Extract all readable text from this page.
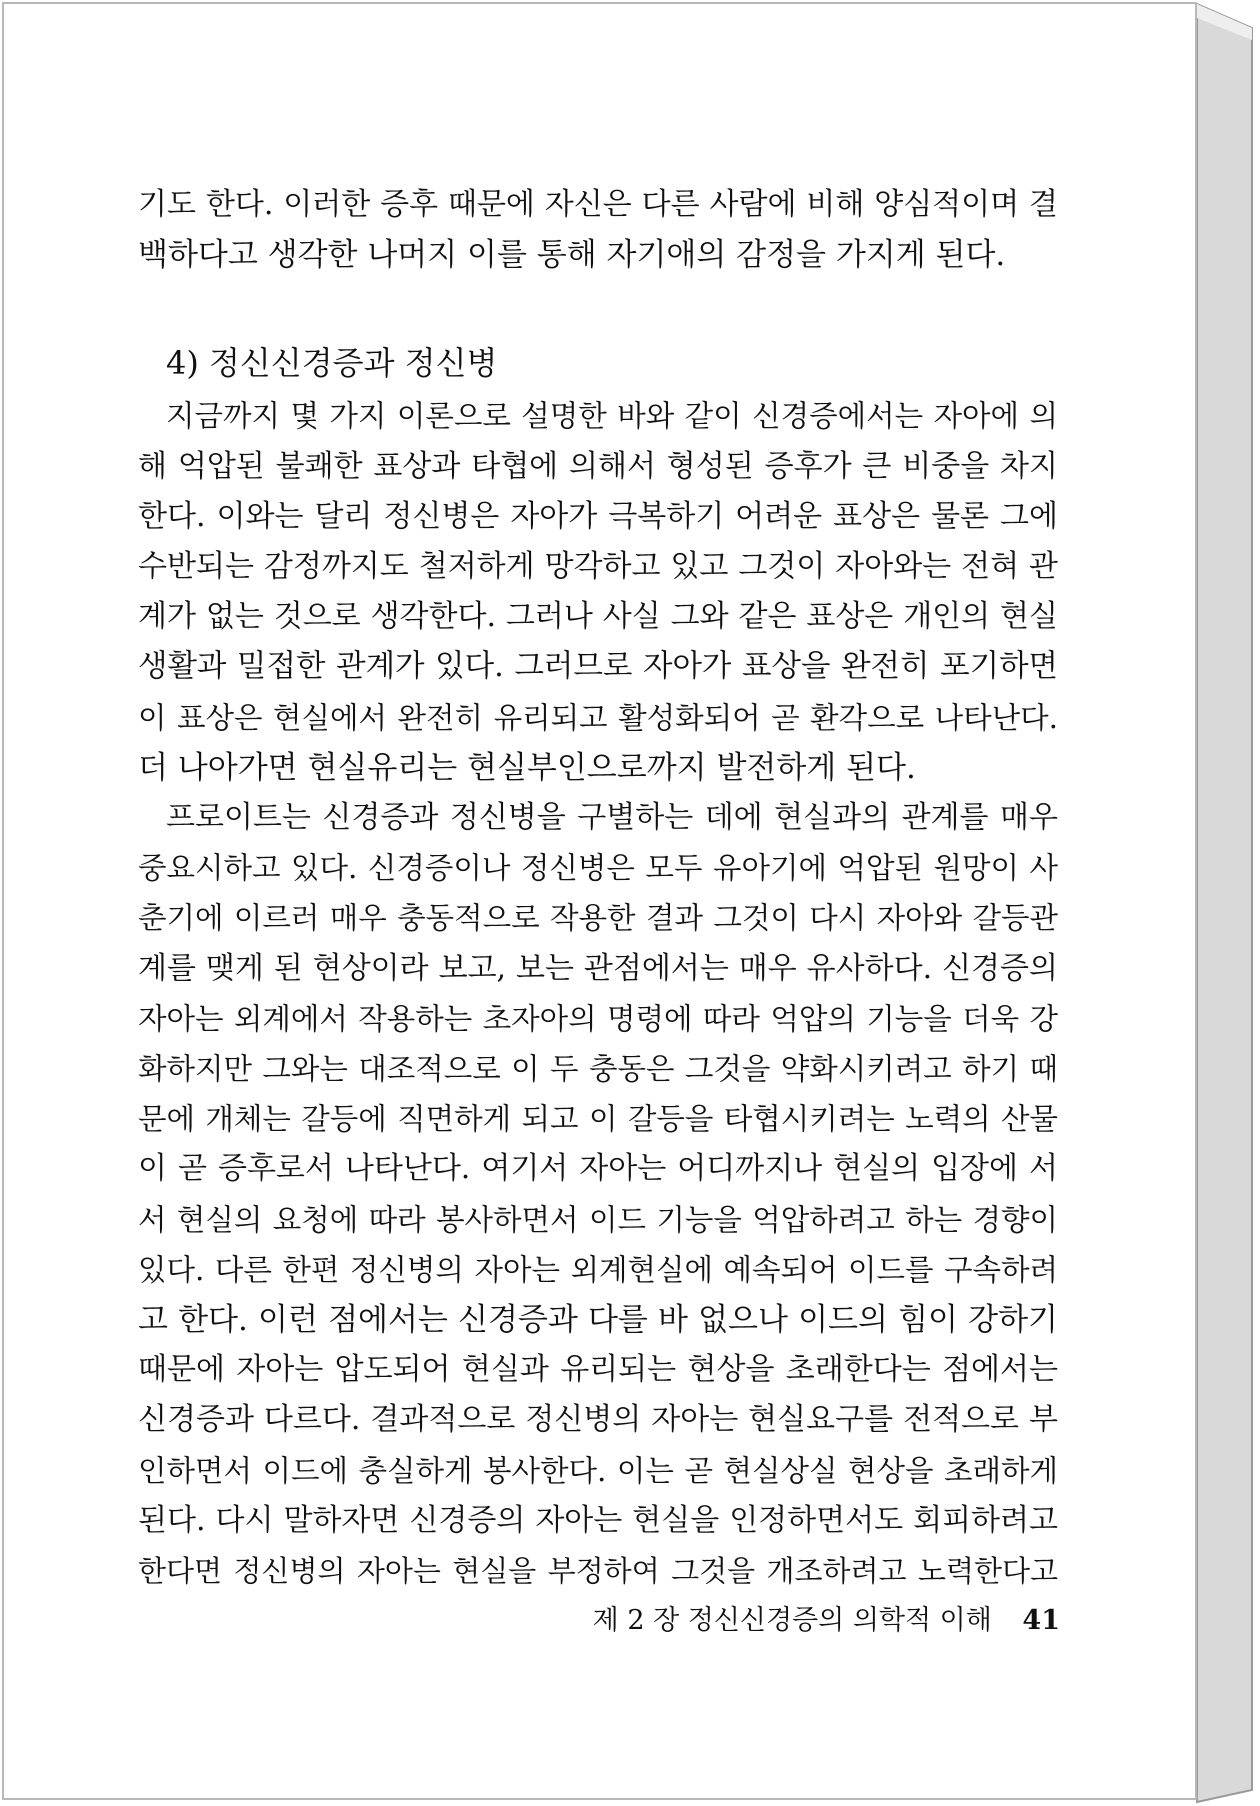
기도 한다. 이러한 증후 때문에 자신은 다른 사람에 비해 양심적이며 결
백하다고 생각한 나머지 이를 통해 자기애의 감정을 가지게 된다.

4) 정신신경증과 정신병

지금까지 몇 가지 이론으로 설명한 바와 같이 신경증에서는 자아에 의
해 억압된 불쾌한 표상과 타협에 의해서 형성된 증후가 큰 비중을 차지
한다. 이와는 달리 정신병은 자아가 극복하기 어려운 표상은 물론 그에
수반되는 감정까지도 철저하게 망각하고 있고 그것이 자아와는 전혀 관
계가 없는 것으로 생각한다. 그러나 사실 그와 같은 표상은 개인의 현실
생활과 밀접한 관계가 있다. 그러므로 자아가 표상을 완전히 포기하면
이 표상은 현실에서 완전히 유리되고 활성화되어 곧 환각으로 나타난다.
더 나아가면 현실유리는 현실부인으로까지 발전하게 된다.

프로이트는 신경증과 정신병을 구별하는 데에 현실과의 관계를 매우
중요시하고 있다. 신경증이나 정신병은 모두 유아기에 억압된 원망이 사
춘기에 이르러 매우 충동적으로 작용한 결과 그것이 다시 자아와 갈등관
계를 맺게 된 현상이라 보고, 보는 관점에서는 매우 유사하다. 신경증의
자아는 외계에서 작용하는 초자아의 명령에 따라 억압의 기능을 더욱 강
화하지만 그와는 대조적으로 이 두 충동은 그것을 약화시키려고 하기 때
문에 개체는 갈등에 직면하게 되고 이 갈등을 타협시키려는 노력의 산물
이 곧 증후로서 나타난다. 여기서 자아는 어디까지나 현실의 입장에 서
서 현실의 요청에 따라 봉사하면서 이드 기능을 억압하려고 하는 경향이
있다. 다른 한편 정신병의 자아는 외계현실에 예속되어 이드를 구속하려
고 한다. 이런 점에서는 신경증과 다를 바 없으나 이드의 힘이 강하기
때문에 자아는 압도되어 현실과 유리되는 현상을 초래한다는 점에서는
신경증과 다르다. 결과적으로 정신병의 자아는 현실요구를 전적으로 부
인하면서 이드에 충실하게 봉사한다. 이는 곧 현실상실 현상을 초래하게
된다. 다시 말하자면 신경증의 자아는 현실을 인정하면서도 회피하려고
한다면 정신병의 자아는 현실을 부정하여 그것을 개조하려고 노력한다고

제 2 장 정신신경증의 의학적 이해 41
